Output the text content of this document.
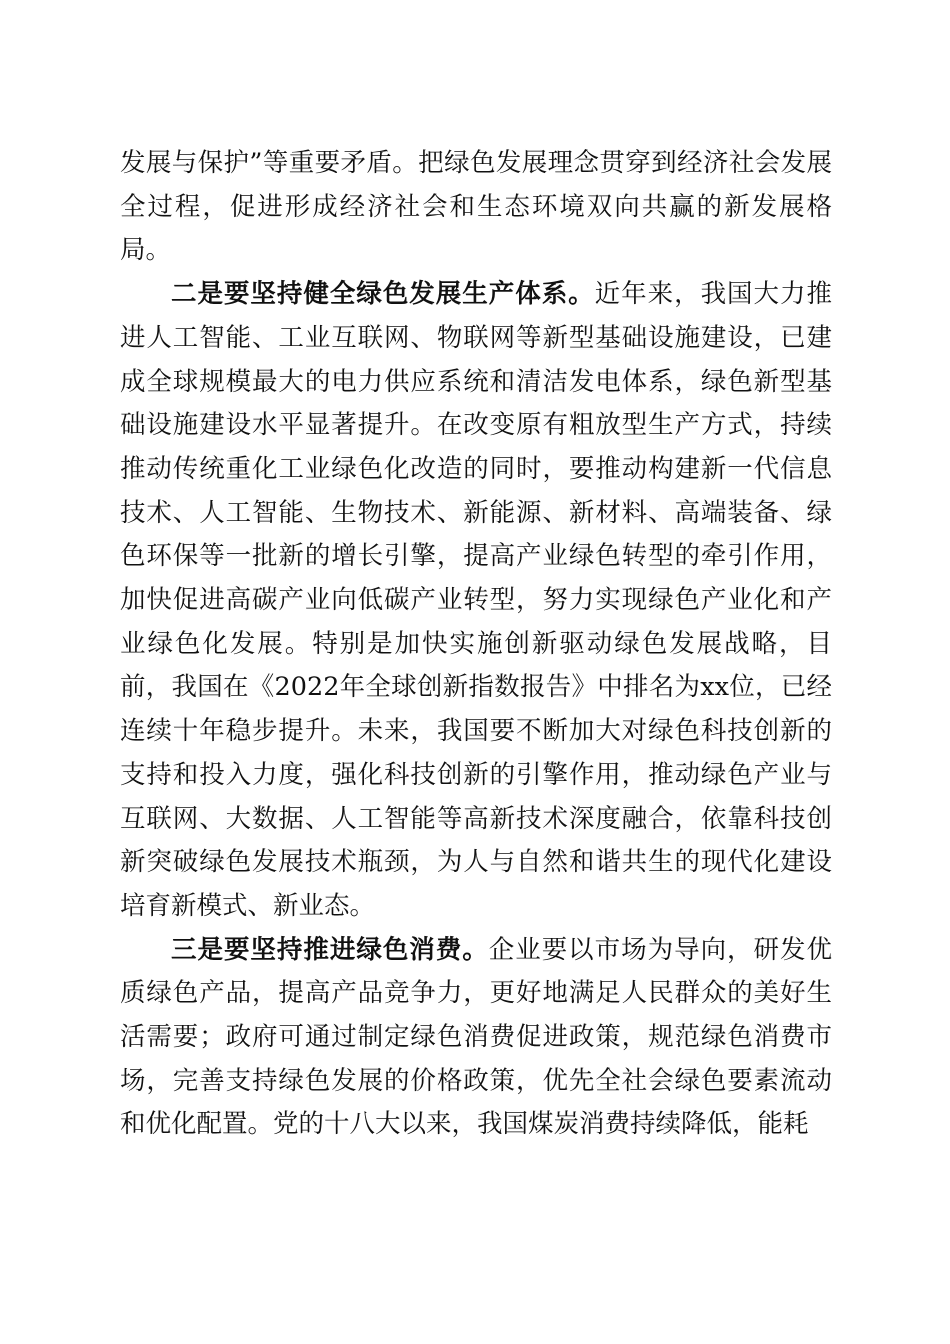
发展与保护”等重要矛盾。把绿色发展理念贯穿到经济社会发展全过程，促进形成经济社会和生态环境双向共赢的新发展格局。

二是要坚持健全绿色发展生产体系。近年来，我国大力推进人工智能、工业互联网、物联网等新型基础设施建设，已建成全球规模最大的电力供应系统和清洁发电体系，绿色新型基础设施建设水平显著提升。在改变原有粗放型生产方式，持续推动传统重化工业绿色化改造的同时，要推动构建新一代信息技术、人工智能、生物技术、新能源、新材料、高端装备、绿色环保等一批新的增长引擎，提高产业绿色转型的牵引作用，加快促进高碳产业向低碳产业转型，努力实现绿色产业化和产业绿色化发展。特别是加快实施创新驱动绿色发展战略，目前，我国在《2022年全球创新指数报告》中排名为xx位，已经连续十年稳步提升。未来，我国要不断加大对绿色科技创新的支持和投入力度，强化科技创新的引擎作用，推动绿色产业与互联网、大数据、人工智能等高新技术深度融合，依靠科技创新突破绿色发展技术瓶颈，为人与自然和谐共生的现代化建设培育新模式、新业态。

三是要坚持推进绿色消费。企业要以市场为导向，研发优质绿色产品，提高产品竞争力，更好地满足人民群众的美好生活需要；政府可通过制定绿色消费促进政策，规范绿色消费市场，完善支持绿色发展的价格政策，优先全社会绿色要素流动和优化配置。党的十八大以来，我国煤炭消费持续降低，能耗
